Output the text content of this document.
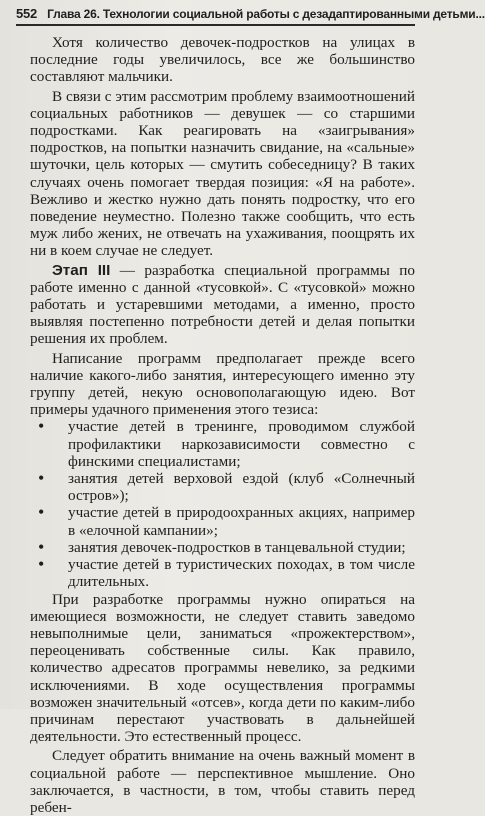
552 Глава 26. Технологии социальной работы с дезадаптированными детьми...

Хотя количество девочек-подростков на улицах в последние годы увеличилось, все же большинство составляют мальчики.

В связи с этим рассмотрим проблему взаимоотношений социальных работников — девушек — со старшими подростками. Как реагировать на «заигрывания» подростков, на попытки назначить свидание, на «сальные» шуточки, цель которых — смутить собеседницу? В таких случаях очень помогает твердая позиция: «Я на работе». Вежливо и жестко нужно дать понять подростку, что его поведение неуместно. Полезно также сообщить, что есть муж либо жених, не отвечать на ухаживания, поощрять их ни в коем случае не следует.

Этап III — разработка специальной программы по работе именно с данной «тусовкой». С «тусовкой» можно работать и устаревшими методами, а именно, просто выявляя постепенно потребности детей и делая попытки решения их проблем.

Написание программ предполагает прежде всего наличие какого-либо занятия, интересующего именно эту группу детей, некую основополагающую идею. Вот примеры удачного применения этого тезиса:

• участие детей в тренинге, проводимом службой профилактики наркозависимости совместно с финскими специалистами;
• занятия детей верховой ездой (клуб «Солнечный остров»);
• участие детей в природоохранных акциях, например в «елочной кампании»;
• занятия девочек-подростков в танцевальной студии;
• участие детей в туристических походах, в том числе длительных.

При разработке программы нужно опираться на имеющиеся возможности, не следует ставить заведомо невыполнимые цели, заниматься «прожектерством», переоценивать собственные силы. Как правило, количество адресатов программы невелико, за редкими исключениями. В ходе осуществления программы возможен значительный «отсев», когда дети по каким-либо причинам перестают участвовать в дальнейшей деятельности. Это естественный процесс.

Следует обратить внимание на очень важный момент в социальной работе — перспективное мышление. Оно заключается, в частности, в том, чтобы ставить перед ребен-
